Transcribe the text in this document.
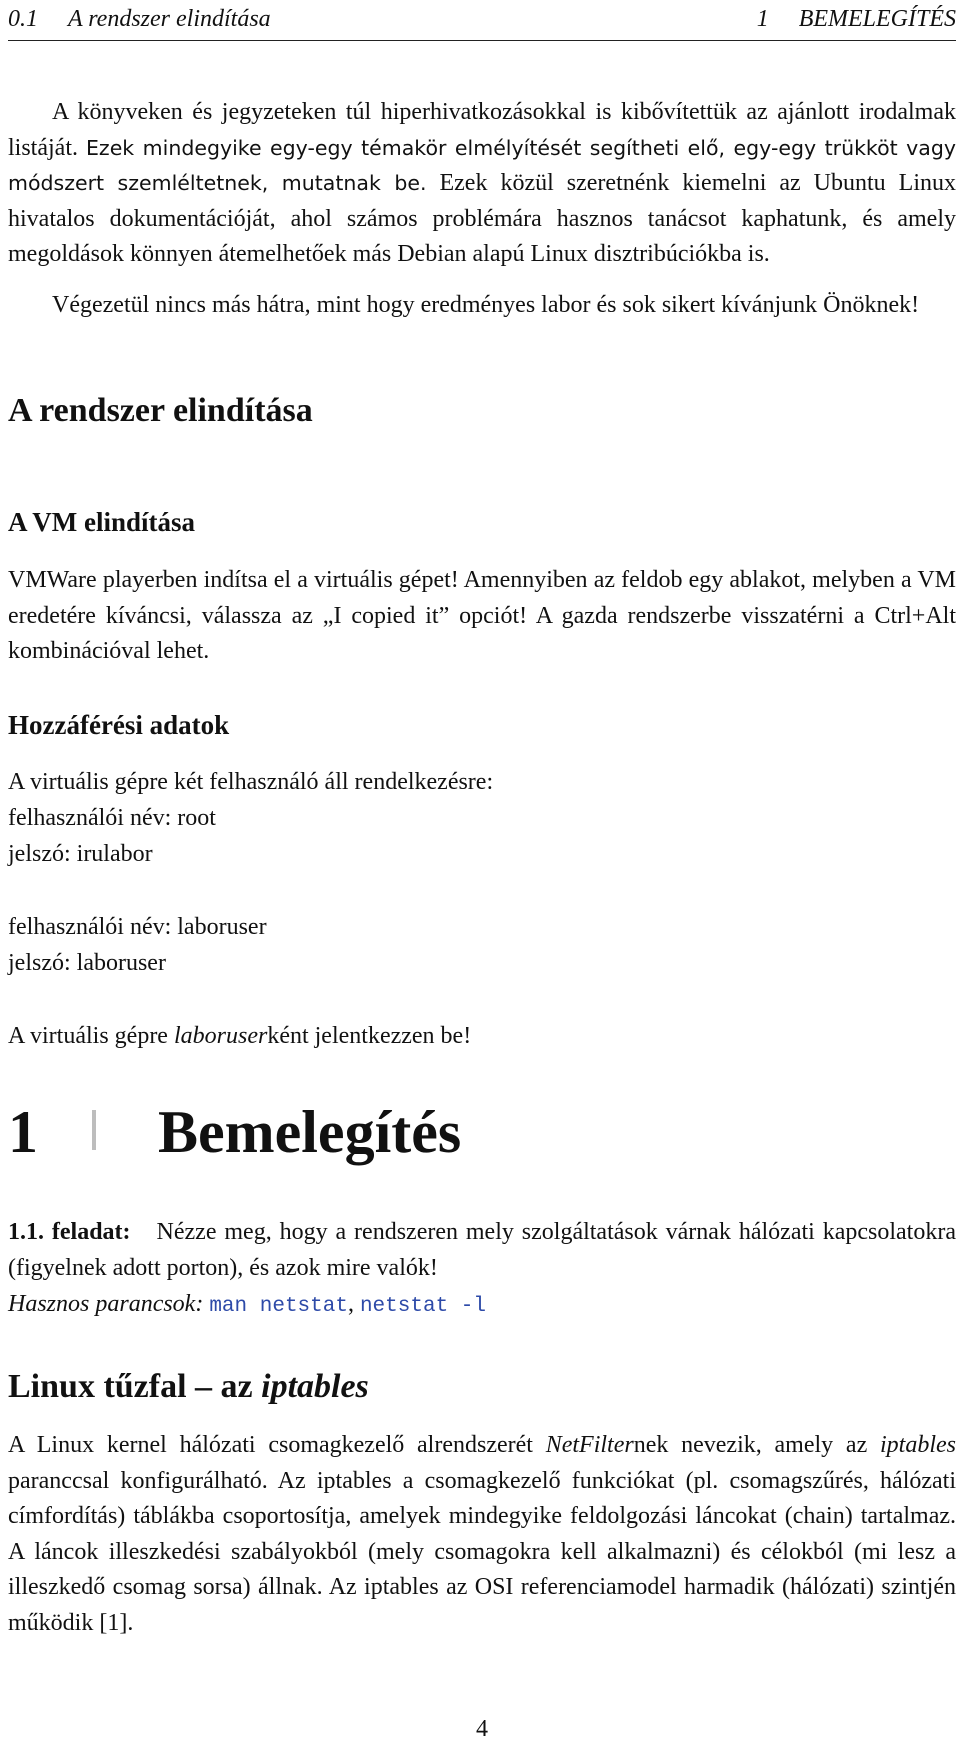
0.1 A rendszer elindítása	1 BEMELEGÍTÉS
A könyveken és jegyzeteken túl hiperhivatkozásokkal is kibővítettük az ajánlott irodalmak listáját. Ezek mindegyike egy-egy témakör elmélyítését segítheti elő, egy-egy trükköt vagy módszert szemléltetnek, mutatnak be. Ezek közül szeretnénk kiemelni az Ubuntu Linux hivatalos dokumentációját, ahol számos problémára hasznos tanácsot kaphatunk, és amely megoldások könnyen átemelhetőek más Debian alapú Linux disztribúciókba is.
Végezetül nincs más hátra, mint hogy eredményes labor és sok sikert kívánjunk Önöknek!
A rendszer elindítása
A VM elindítása
VMWare playerben indítsa el a virtuális gépet! Amennyiben az feldob egy ablakot, melyben a VM eredetére kíváncsi, válassza az „I copied it” opciót! A gazda rendszerbe visszatérni a Ctrl+Alt kombinációval lehet.
Hozzáférési adatok
A virtuális gépre két felhasználó áll rendelkezésre:
felhasználói név: root
jelszó: irulabor
felhasználói név: laboruser
jelszó: laboruser
A virtuális gépre laboruserként jelentkezzen be!
1 Bemelegítés
1.1. feladat: Nézze meg, hogy a rendszeren mely szolgáltatások várnak hálózati kapcsolatokra (figyelnek adott porton), és azok mire valók!
Hasznos parancsok: man netstat, netstat -l
Linux tűzfal – az iptables
A Linux kernel hálózati csomagkezelő alrendszerét NetFilternek nevezik, amely az iptables paranccsal konfigurálható. Az iptables a csomagkezelő funkciókat (pl. csomagszűrés, hálózati címfordítás) táblákba csoportosítja, amelyek mindegyike feldolgozási láncokat (chain) tartalmaz. A láncok illeszkedési szabályokból (mely csomagokra kell alkalmazni) és célokból (mi lesz a illeszkedő csomag sorsa) állnak. Az iptables az OSI referenciamodel harmadik (hálózati) szintjén működik [1].
4
